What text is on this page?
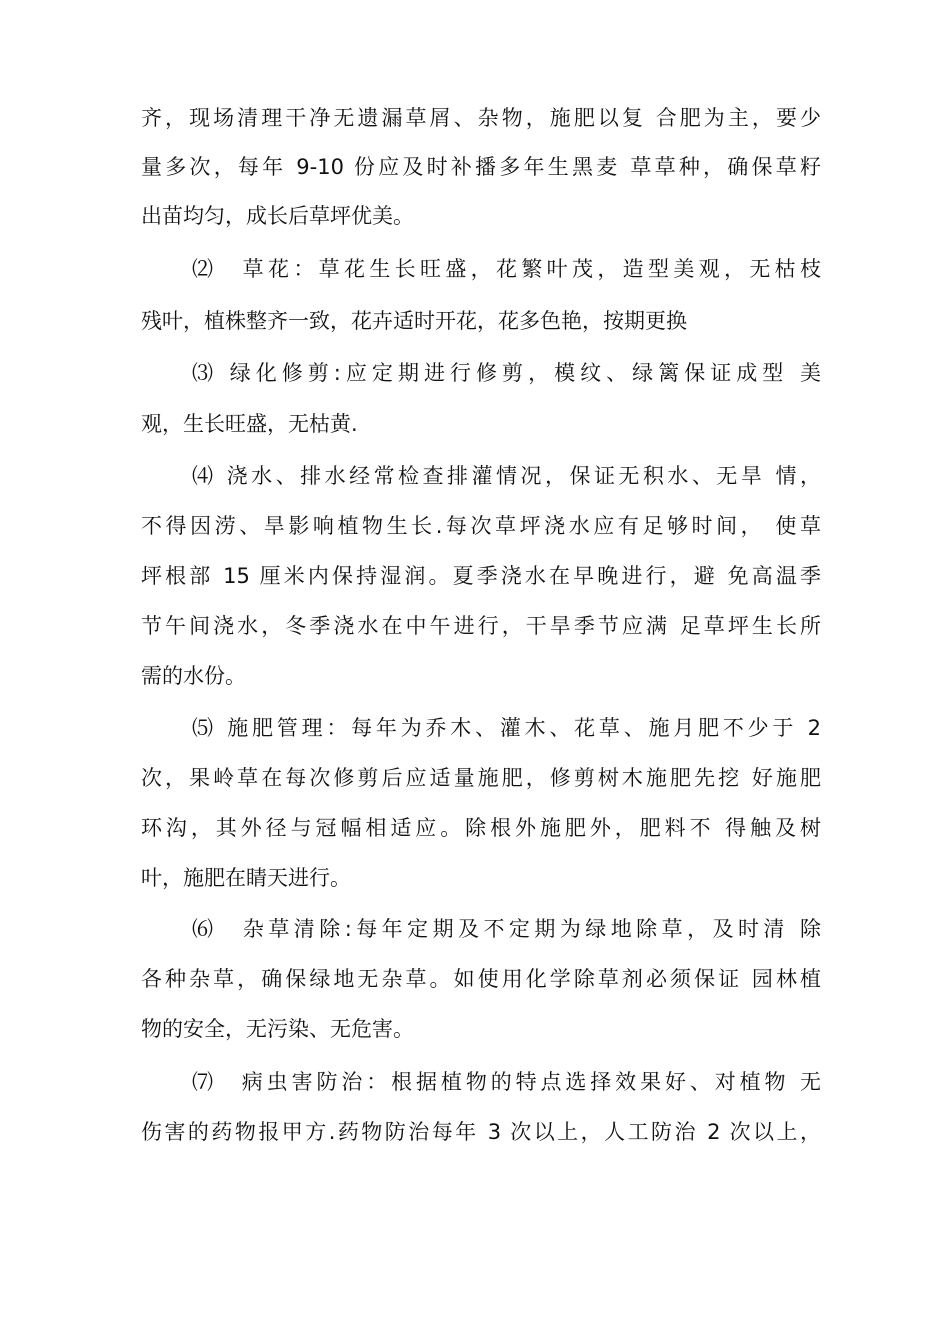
齐，现场清理干净无遗漏草屑、杂物，施肥以复 合肥为主，要少
量多次，每年 9-10 份应及时补播多年生黑麦 草草种，确保草籽
出苗均匀，成长后草坪优美。
⑵　草花：草花生长旺盛，花繁叶茂，造型美观，无枯枝
残叶，植株整齐一致，花卉适时开花，花多色艳，按期更换
⑶ 绿化修剪:应定期进行修剪，模纹、绿篱保证成型 美
观，生长旺盛，无枯黄.
⑷ 浇水、排水经常检查排灌情况，保证无积水、无旱 情，
不得因涝、旱影响植物生长.每次草坪浇水应有足够时间， 使草
坪根部 15 厘米内保持湿润。夏季浇水在早晚进行，避 免高温季
节午间浇水，冬季浇水在中午进行，干旱季节应满 足草坪生长所
需的水份。
⑸ 施肥管理：每年为乔木、灌木、花草、施月肥不少于 2
次，果岭草在每次修剪后应适量施肥，修剪树木施肥先挖 好施肥
环沟，其外径与冠幅相适应。除根外施肥外，肥料不 得触及树
叶，施肥在睛天进行。
⑹　杂草清除:每年定期及不定期为绿地除草，及时清 除
各种杂草，确保绿地无杂草。如使用化学除草剂必须保证 园林植
物的安全，无污染、无危害。
⑺　病虫害防治：根据植物的特点选择效果好、对植物 无
伤害的药物报甲方.药物防治每年 3 次以上，人工防治 2 次以上，
